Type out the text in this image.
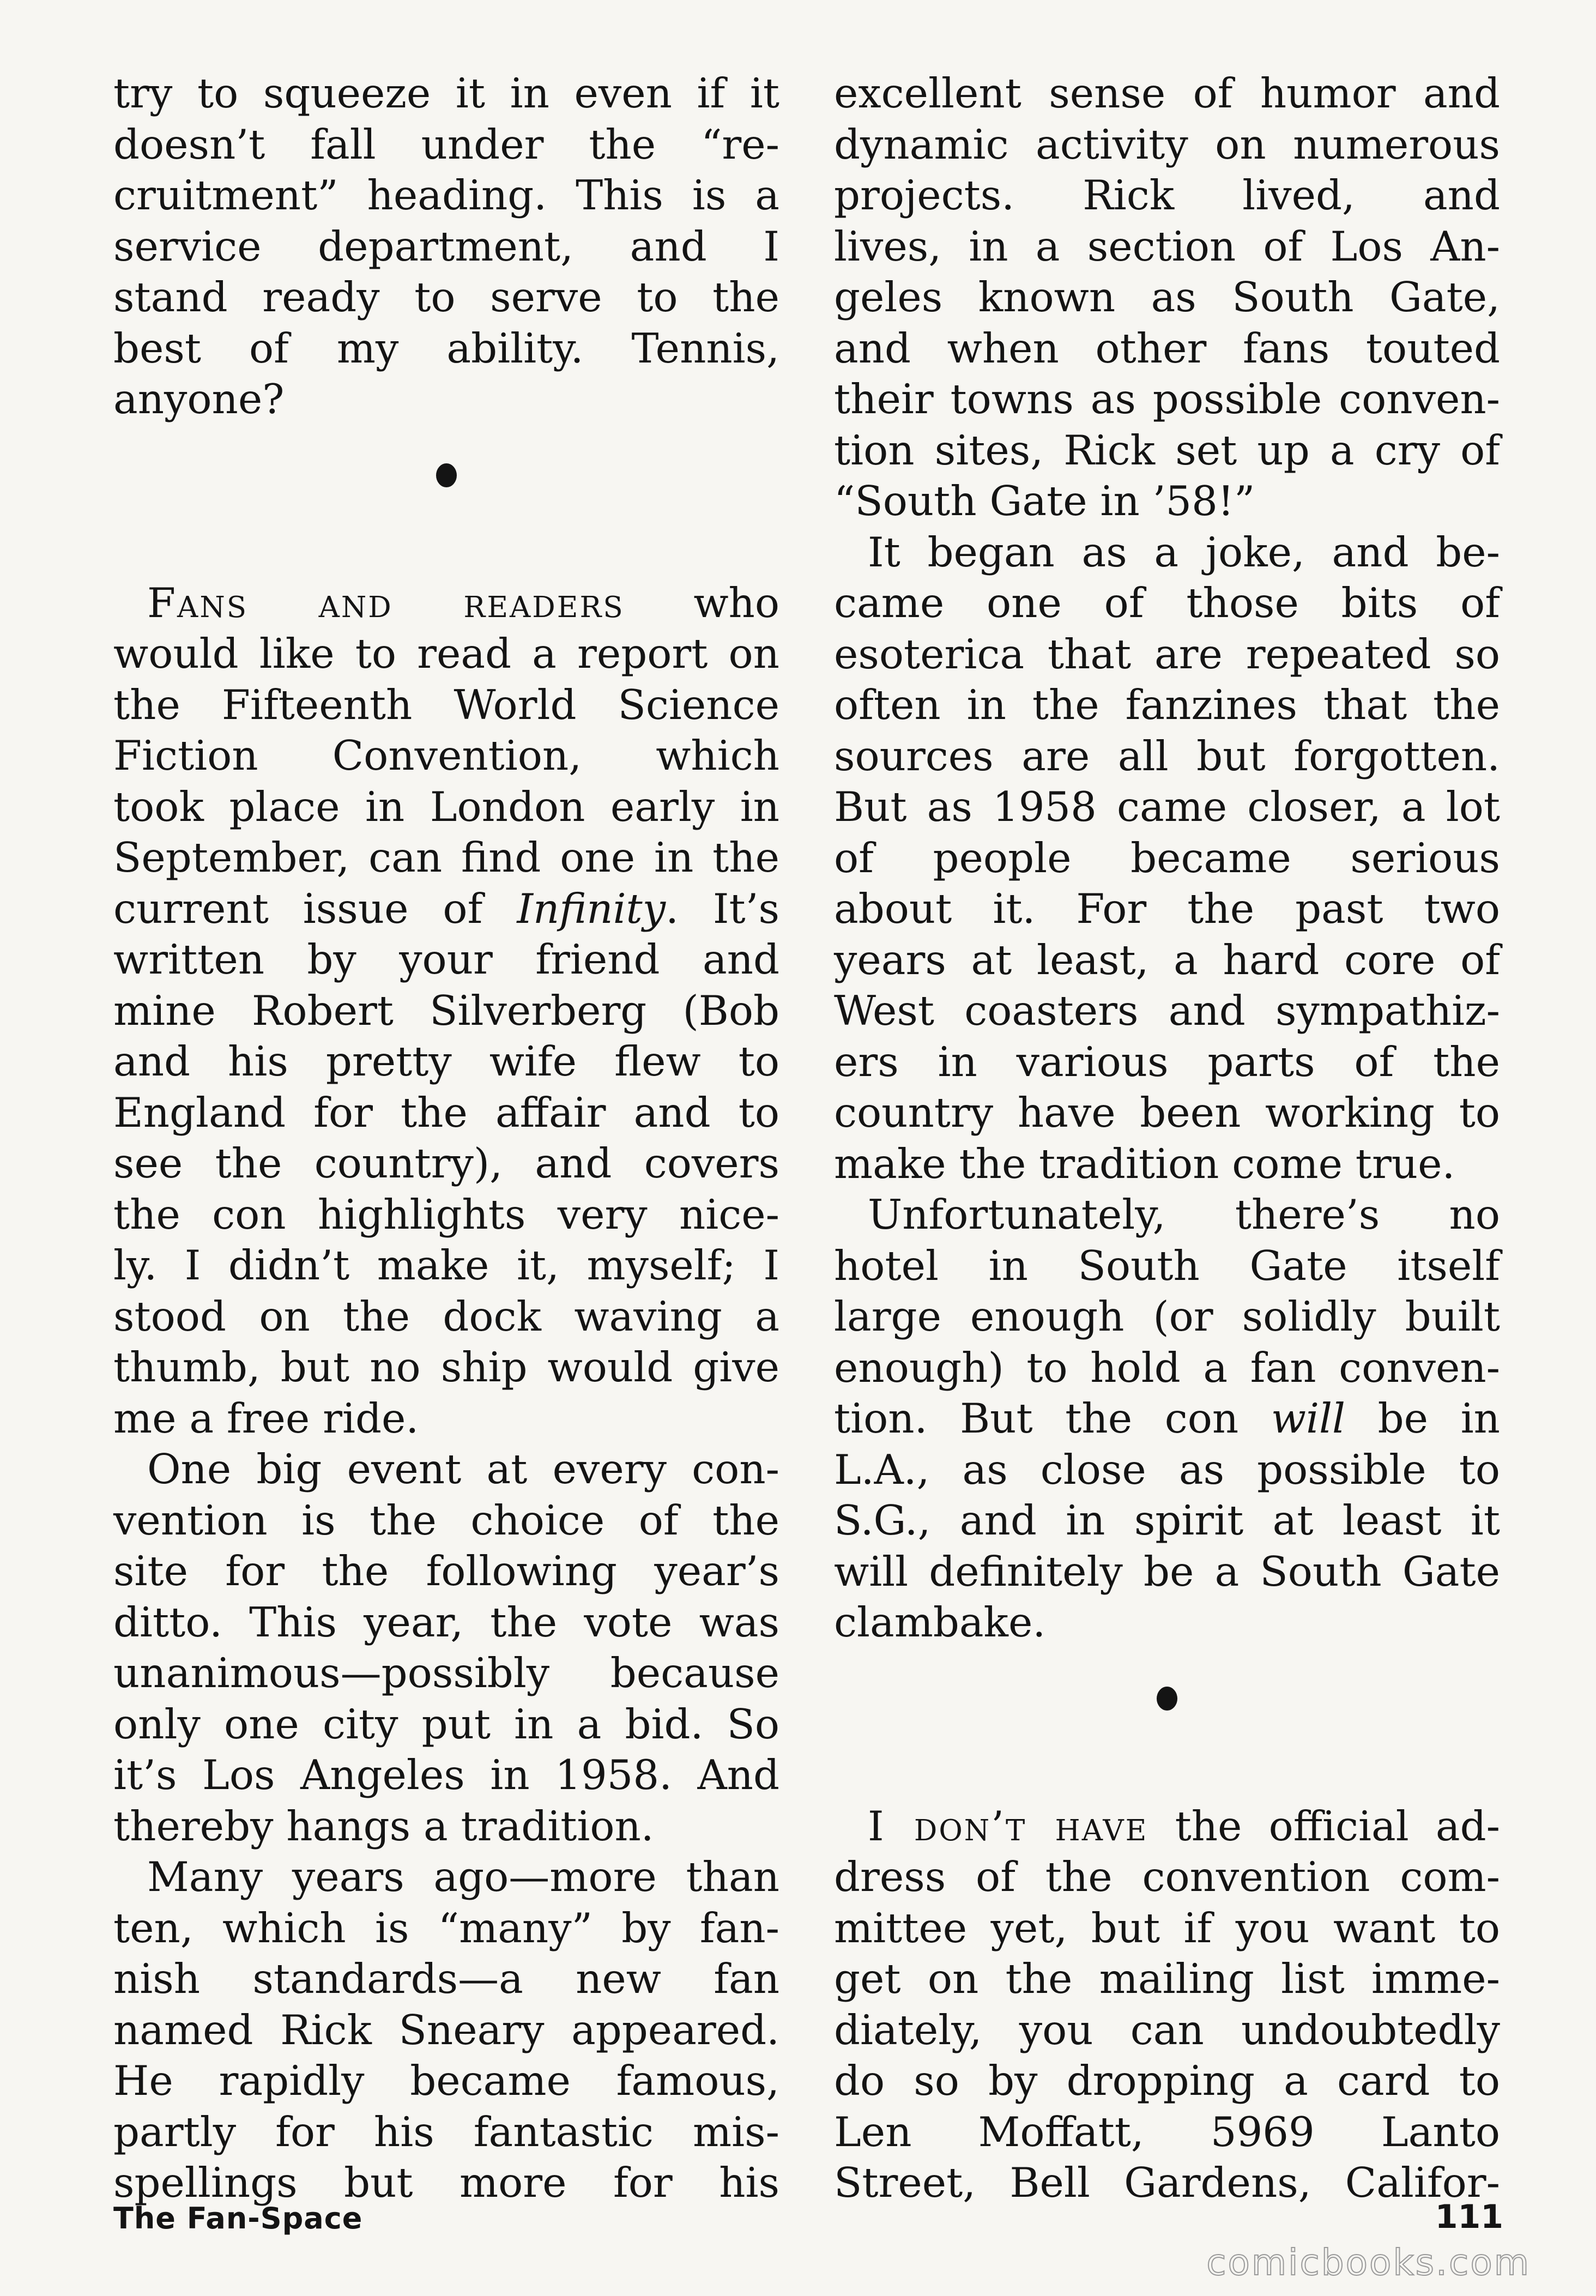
try to squeeze it in even if it
doesn’t fall under the “re-
cruitment” heading. This is a
service department, and I
stand ready to serve to the
best of my ability. Tennis,
anyone?
Fans and readers who
would like to read a report on
the Fifteenth World Science
Fiction Convention, which
took place in London early in
September, can find one in the
current issue of Infinity. It’s
written by your friend and
mine Robert Silverberg (Bob
and his pretty wife flew to
England for the affair and to
see the country), and covers
the con highlights very nice-
ly. I didn’t make it, myself; I
stood on the dock waving a
thumb, but no ship would give
me a free ride.
One big event at every con-
vention is the choice of the
site for the following year’s
ditto. This year, the vote was
unanimous—possibly because
only one city put in a bid. So
it’s Los Angeles in 1958. And
thereby hangs a tradition.
Many years ago—more than
ten, which is “many” by fan-
nish standards—a new fan
named Rick Sneary appeared.
He rapidly became famous,
partly for his fantastic mis-
spellings but more for his
excellent sense of humor and
dynamic activity on numerous
projects. Rick lived, and
lives, in a section of Los An-
geles known as South Gate,
and when other fans touted
their towns as possible conven-
tion sites, Rick set up a cry of
“South Gate in ’58!”
It began as a joke, and be-
came one of those bits of
esoterica that are repeated so
often in the fanzines that the
sources are all but forgotten.
But as 1958 came closer, a lot
of people became serious
about it. For the past two
years at least, a hard core of
West coasters and sympathiz-
ers in various parts of the
country have been working to
make the tradition come true.
Unfortunately, there’s no
hotel in South Gate itself
large enough (or solidly built
enough) to hold a fan conven-
tion. But the con will be in
L.A., as close as possible to
S.G., and in spirit at least it
will definitely be a South Gate
clambake.
I don’t have the official ad-
dress of the convention com-
mittee yet, but if you want to
get on the mailing list imme-
diately, you can undoubtedly
do so by dropping a card to
Len Moffatt, 5969 Lanto
Street, Bell Gardens, Califor-
The Fan-Space	111
comicbooks.com
